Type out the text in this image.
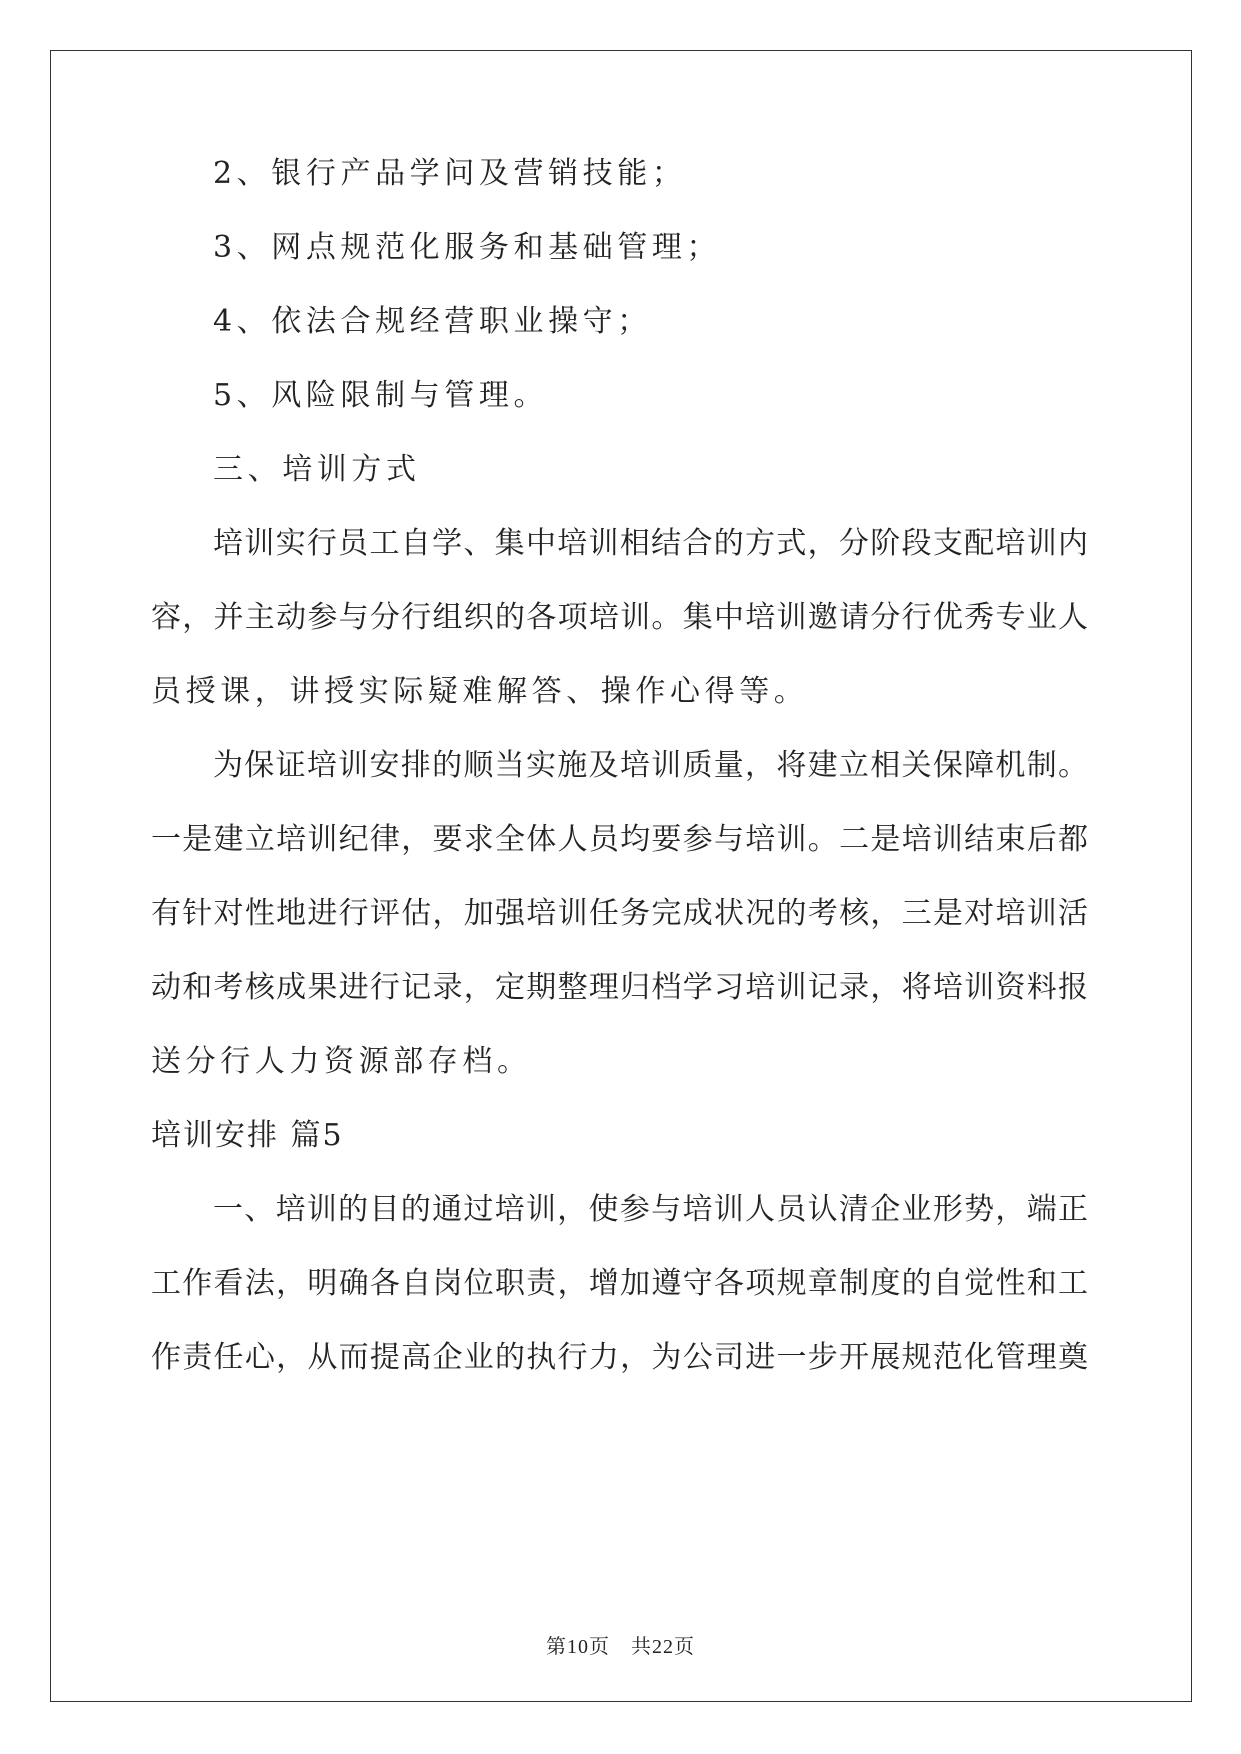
2、银行产品学问及营销技能；
3、网点规范化服务和基础管理；
4、依法合规经营职业操守；
5、风险限制与管理。
三、培训方式
培训实行员工自学、集中培训相结合的方式，分阶段支配培训内
容，并主动参与分行组织的各项培训。集中培训邀请分行优秀专业人
员授课，讲授实际疑难解答、操作心得等。
为保证培训安排的顺当实施及培训质量，将建立相关保障机制。
一是建立培训纪律，要求全体人员均要参与培训。二是培训结束后都
有针对性地进行评估，加强培训任务完成状况的考核，三是对培训活
动和考核成果进行记录，定期整理归档学习培训记录，将培训资料报
送分行人力资源部存档。
培训安排 篇5
一、培训的目的通过培训，使参与培训人员认清企业形势，端正
工作看法，明确各自岗位职责，增加遵守各项规章制度的自觉性和工
作责任心，从而提高企业的执行力，为公司进一步开展规范化管理奠
第10页　共22页
